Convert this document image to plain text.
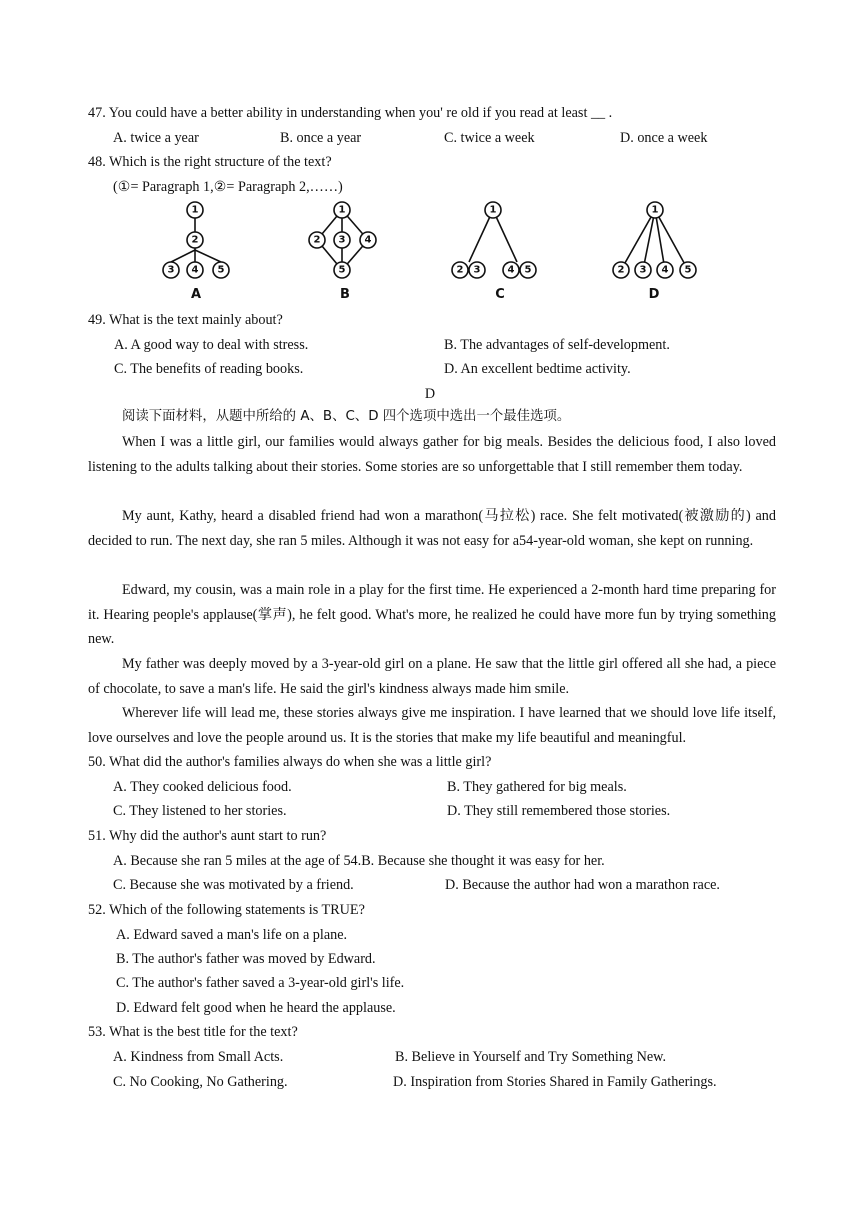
47. You could have a better ability in understanding when you' re old if you read at least __ .
A. twice a year	B. once a year	C. twice a week	D. once a week
48. Which is the right structure of the text?
(①= Paragraph 1,②= Paragraph 2,……)
1
2
3 4 5
A
1
2 3 4
5
B
1
2 3	4 5
C
1
2 3 4 5
D
49. What is the text mainly about?
A. A good way to deal with stress.	B. The advantages of self-development.
C. The benefits of reading books.	D. An excellent bedtime activity.
D
阅读下面材料，从题中所给的 A、B、C、D 四个选项中选出一个最佳选项。
When I was a little girl, our families would always gather for big meals. Besides the delicious food, I also loved listening to the adults talking about their stories. Some stories are so unforgettable that I still remember them today.
My aunt, Kathy, heard a disabled friend had won a marathon(马拉松) race. She felt motivated(被激励的) and decided to run. The next day, she ran 5 miles. Although it was not easy for a54-year-old woman, she kept on running.
Edward, my cousin, was a main role in a play for the first time. He experienced a 2-month hard time preparing for it. Hearing people's applause(掌声), he felt good. What's more, he realized he could have more fun by trying something new.
My father was deeply moved by a 3-year-old girl on a plane. He saw that the little girl offered all she had, a piece of chocolate, to save a man's life. He said the girl's kindness always made him smile.
Wherever life will lead me, these stories always give me inspiration. I have learned that we should love life itself, love ourselves and love the people around us. It is the stories that make my life beautiful and meaningful.
50. What did the author's families always do when she was a little girl?
A. They cooked delicious food.	B. They gathered for big meals.
C. They listened to her stories.	D. They still remembered those stories.
51. Why did the author's aunt start to run?
A. Because she ran 5 miles at the age of 54.B. Because she thought it was easy for her.
C. Because she was motivated by a friend.	D. Because the author had won a marathon race.
52. Which of the following statements is TRUE?
A. Edward saved a man's life on a plane.
B. The author's father was moved by Edward.
C. The author's father saved a 3-year-old girl's life.
D. Edward felt good when he heard the applause.
53. What is the best title for the text?
A. Kindness from Small Acts.	B. Believe in Yourself and Try Something New.
C. No Cooking, No Gathering.	D. Inspiration from Stories Shared in Family Gatherings.
